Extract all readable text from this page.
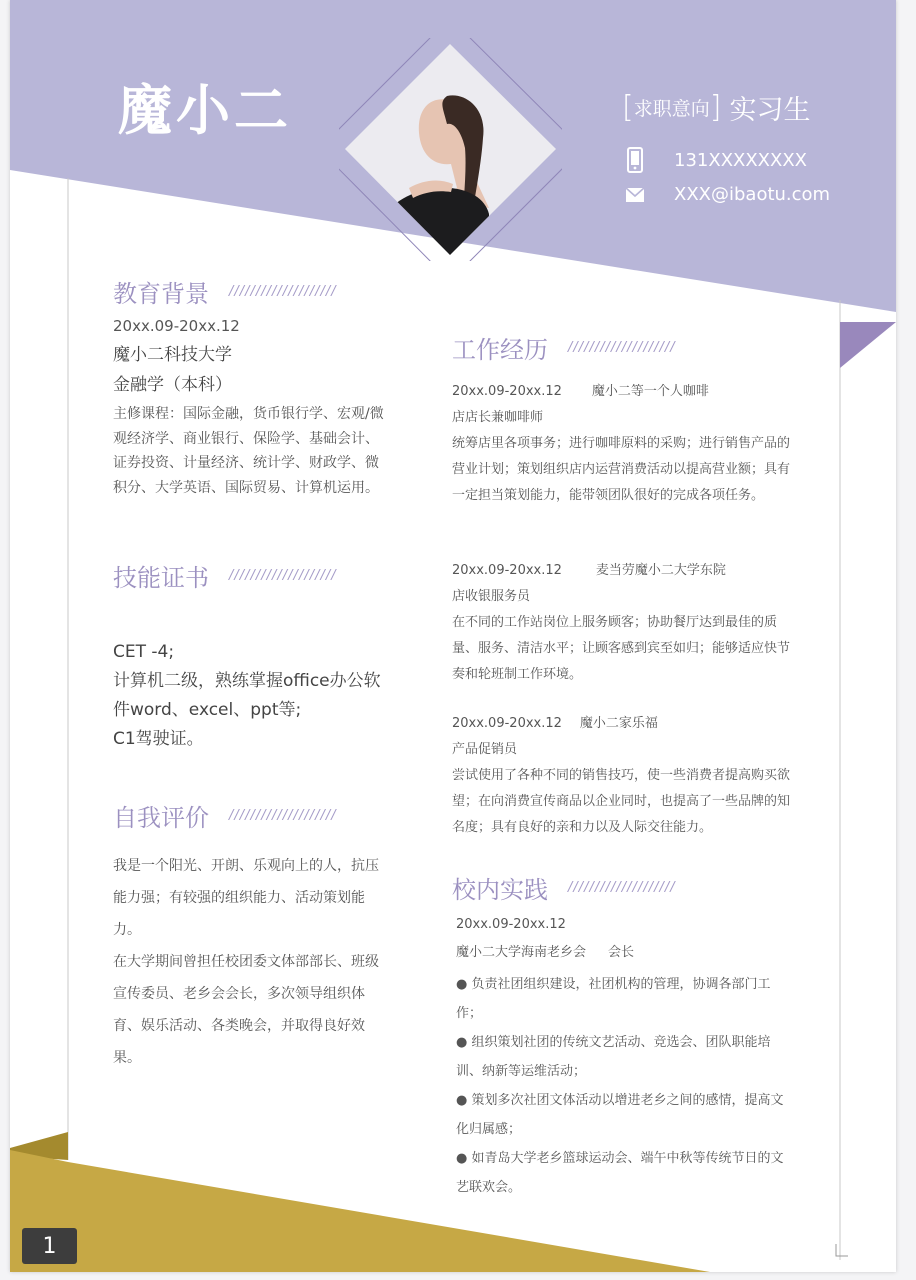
魔小二	[求职意向] 实习生
131XXXXXXXX
XXX@ibaotu.com
教育背景 ////////////////////
20xx.09-20xx.12
魔小二科技大学
金融学（本科）
主修课程：国际金融，货币银行学、宏观/微观经济学、商业银行、保险学、基础会计、证券投资、计量经济、统计学、财政学、微积分、大学英语、国际贸易、计算机运用。
技能证书 ////////////////////
CET -4;
计算机二级，熟练掌握office办公软件word、excel、ppt等;
C1驾驶证。
自我评价 ////////////////////
我是一个阳光、开朗、乐观向上的人，抗压能力强；有较强的组织能力、活动策划能力。
在大学期间曾担任校团委文体部部长、班级宣传委员、老乡会会长，多次领导组织体育、娱乐活动、各类晚会，并取得良好效果。
工作经历 ////////////////////
20xx.09-20xx.12 魔小二等一个人咖啡
店店长兼咖啡师
统筹店里各项事务；进行咖啡原料的采购；进行销售产品的营业计划；策划组织店内运营消费活动以提高营业额；具有一定担当策划能力，能带领团队很好的完成各项任务。
20xx.09-20xx.12	麦当劳魔小二大学东院
店收银服务员
在不同的工作站岗位上服务顾客；协助餐厅达到最佳的质量、服务、清洁水平；让顾客感到宾至如归；能够适应快节奏和轮班制工作环境。
20xx.09-20xx.12 魔小二家乐福
产品促销员
尝试使用了各种不同的销售技巧，使一些消费者提高购买欲望；在向消费宣传商品以企业同时，也提高了一些品牌的知名度；具有良好的亲和力以及人际交往能力。
校内实践 ////////////////////
20xx.09-20xx.12
魔小二大学海南老乡会 会长
● 负责社团组织建设，社团机构的管理，协调各部门工作；
● 组织策划社团的传统文艺活动、竞选会、团队职能培训、纳新等运维活动；
● 策划多次社团文体活动以增进老乡之间的感情，提高文化归属感；
● 如青岛大学老乡篮球运动会、端午中秋等传统节日的文艺联欢会。
1
